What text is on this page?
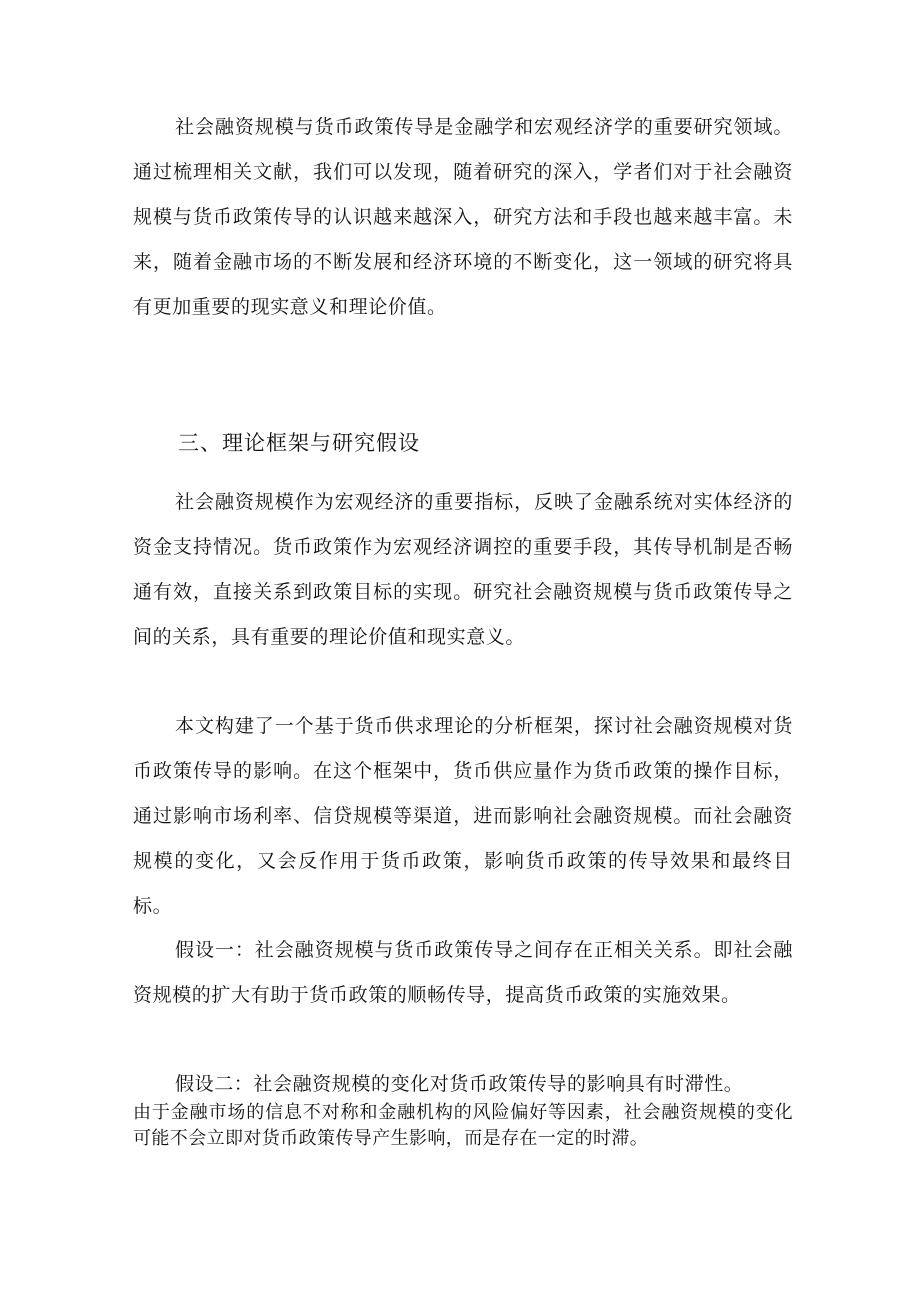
社会融资规模与货币政策传导是金融学和宏观经济学的重要研究领域。通过梳理相关文献，我们可以发现，随着研究的深入，学者们对于社会融资规模与货币政策传导的认识越来越深入，研究方法和手段也越来越丰富。未来，随着金融市场的不断发展和经济环境的不断变化，这一领域的研究将具有更加重要的现实意义和理论价值。

三、理论框架与研究假设

社会融资规模作为宏观经济的重要指标，反映了金融系统对实体经济的资金支持情况。货币政策作为宏观经济调控的重要手段，其传导机制是否畅通有效，直接关系到政策目标的实现。研究社会融资规模与货币政策传导之间的关系，具有重要的理论价值和现实意义。

本文构建了一个基于货币供求理论的分析框架，探讨社会融资规模对货币政策传导的影响。在这个框架中，货币供应量作为货币政策的操作目标，通过影响市场利率、信贷规模等渠道，进而影响社会融资规模。而社会融资规模的变化，又会反作用于货币政策，影响货币政策的传导效果和最终目标。

假设一：社会融资规模与货币政策传导之间存在正相关关系。即社会融资规模的扩大有助于货币政策的顺畅传导，提高货币政策的实施效果。

假设二：社会融资规模的变化对货币政策传导的影响具有时滞性。

由于金融市场的信息不对称和金融机构的风险偏好等因素，社会融资规模的变化可能不会立即对货币政策传导产生影响，而是存在一定的时滞。
